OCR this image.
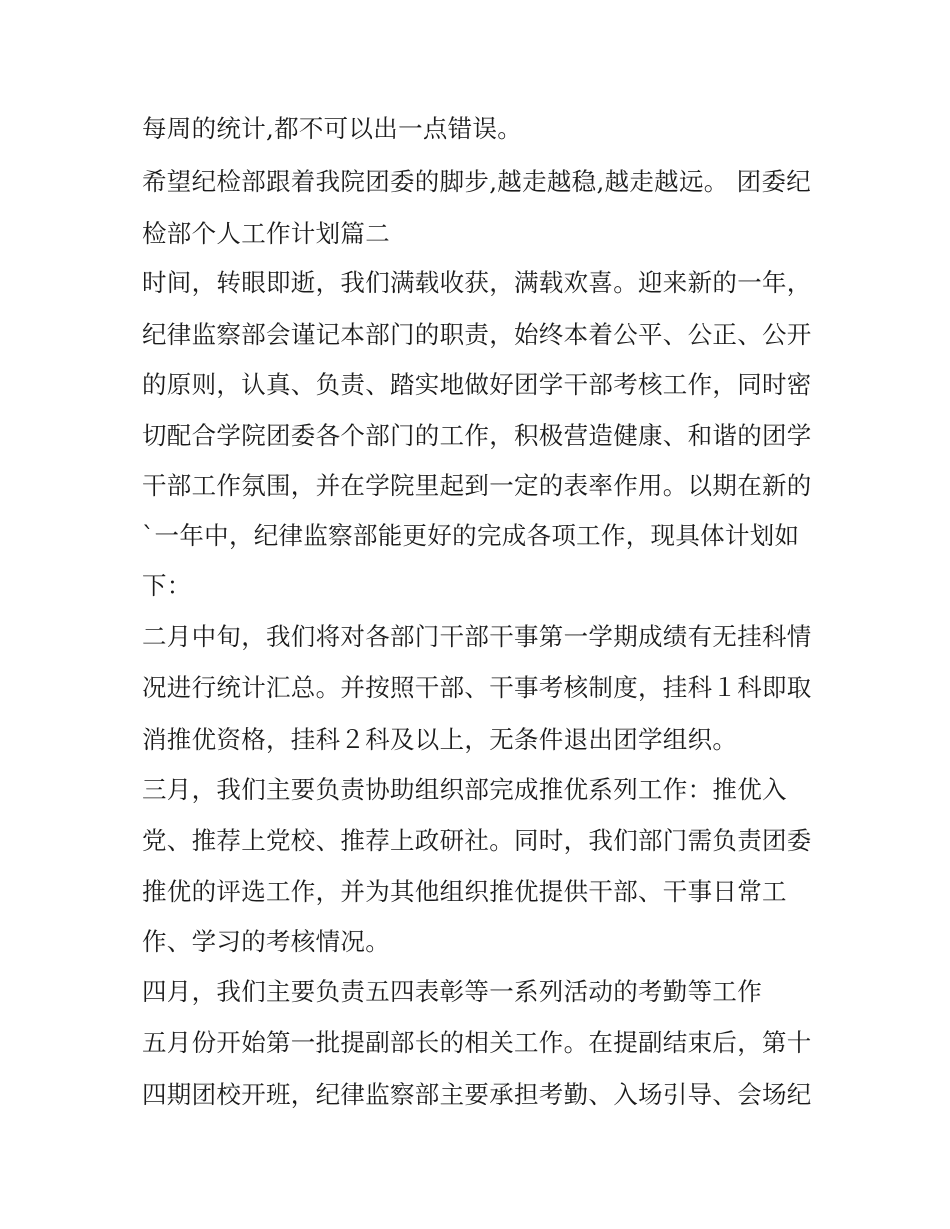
每周的统计,都不可以出一点错误。
希望纪检部跟着我院团委的脚步,越走越稳,越走越远。 团委纪
检部个人工作计划篇二
时间，转眼即逝，我们满载收获，满载欢喜。迎来新的一年，
纪律监察部会谨记本部门的职责，始终本着公平、公正、公开
的原则，认真、负责、踏实地做好团学干部考核工作，同时密
切配合学院团委各个部门的工作，积极营造健康、和谐的团学
干部工作氛围，并在学院里起到一定的表率作用。以期在新的
`一年中，纪律监察部能更好的完成各项工作，现具体计划如
下：
二月中旬，我们将对各部门干部干事第一学期成绩有无挂科情
况进行统计汇总。并按照干部、干事考核制度，挂科１科即取
消推优资格，挂科２科及以上，无条件退出团学组织。
三月，我们主要负责协助组织部完成推优系列工作：推优入
党、推荐上党校、推荐上政研社。同时，我们部门需负责团委
推优的评选工作，并为其他组织推优提供干部、干事日常工
作、学习的考核情况。
四月，我们主要负责五四表彰等一系列活动的考勤等工作
五月份开始第一批提副部长的相关工作。在提副结束后，第十
四期团校开班，纪律监察部主要承担考勤、入场引导、会场纪
